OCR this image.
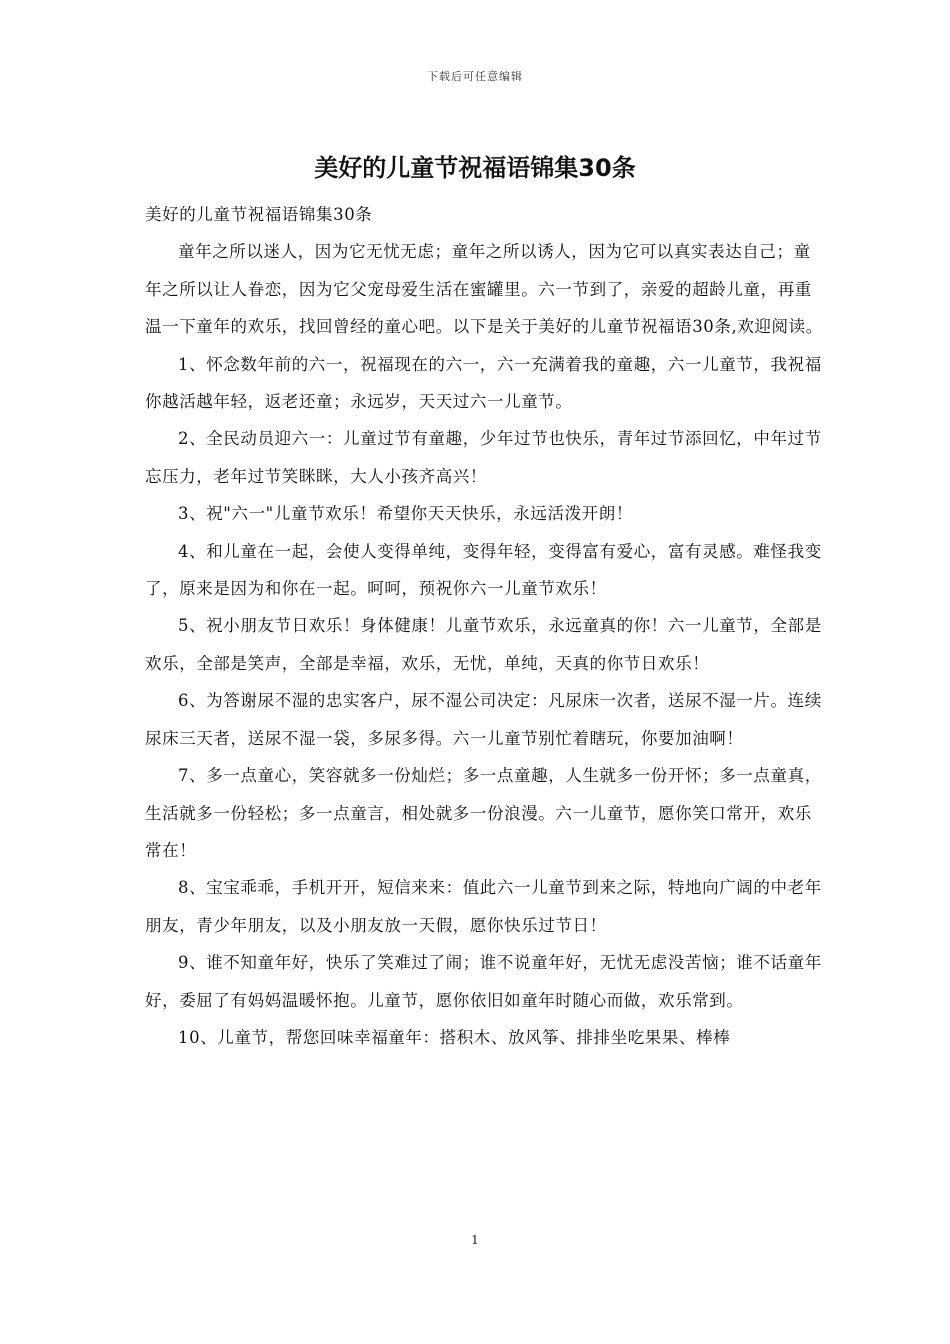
下载后可任意编辑
美好的儿童节祝福语锦集30条

美好的儿童节祝福语锦集30条

童年之所以迷人，因为它无忧无虑；童年之所以诱人，因为它可以真实表达自己；童年之所以让人眷恋，因为它父宠母爱生活在蜜罐里。六一节到了，亲爱的超龄儿童，再重温一下童年的欢乐，找回曾经的童心吧。以下是关于美好的儿童节祝福语30条,欢迎阅读。

1、怀念数年前的六一，祝福现在的六一，六一充满着我的童趣，六一儿童节，我祝福你越活越年轻，返老还童；永远岁，天天过六一儿童节。

2、全民动员迎六一：儿童过节有童趣，少年过节也快乐，青年过节添回忆，中年过节忘压力，老年过节笑眯眯，大人小孩齐高兴！

3、祝"六一"儿童节欢乐！希望你天天快乐，永远活泼开朗！

4、和儿童在一起，会使人变得单纯，变得年轻，变得富有爱心，富有灵感。难怪我变了，原来是因为和你在一起。呵呵，预祝你六一儿童节欢乐！

5、祝小朋友节日欢乐！身体健康！儿童节欢乐，永远童真的你！六一儿童节，全部是欢乐，全部是笑声，全部是幸福，欢乐，无忧，单纯，天真的你节日欢乐！

6、为答谢尿不湿的忠实客户，尿不湿公司决定：凡尿床一次者，送尿不湿一片。连续尿床三天者，送尿不湿一袋，多尿多得。六一儿童节别忙着瞎玩，你要加油啊！

7、多一点童心，笑容就多一份灿烂；多一点童趣，人生就多一份开怀；多一点童真，生活就多一份轻松；多一点童言，相处就多一份浪漫。六一儿童节，愿你笑口常开，欢乐常在！

8、宝宝乖乖，手机开开，短信来来：值此六一儿童节到来之际，特地向广阔的中老年朋友，青少年朋友，以及小朋友放一天假，愿你快乐过节日！

9、谁不知童年好，快乐了笑难过了闹；谁不说童年好，无忧无虑没苦恼；谁不话童年好，委屈了有妈妈温暖怀抱。儿童节，愿你依旧如童年时随心而做，欢乐常到。

10、儿童节，帮您回味幸福童年：搭积木、放风筝、排排坐吃果果、棒棒

1
